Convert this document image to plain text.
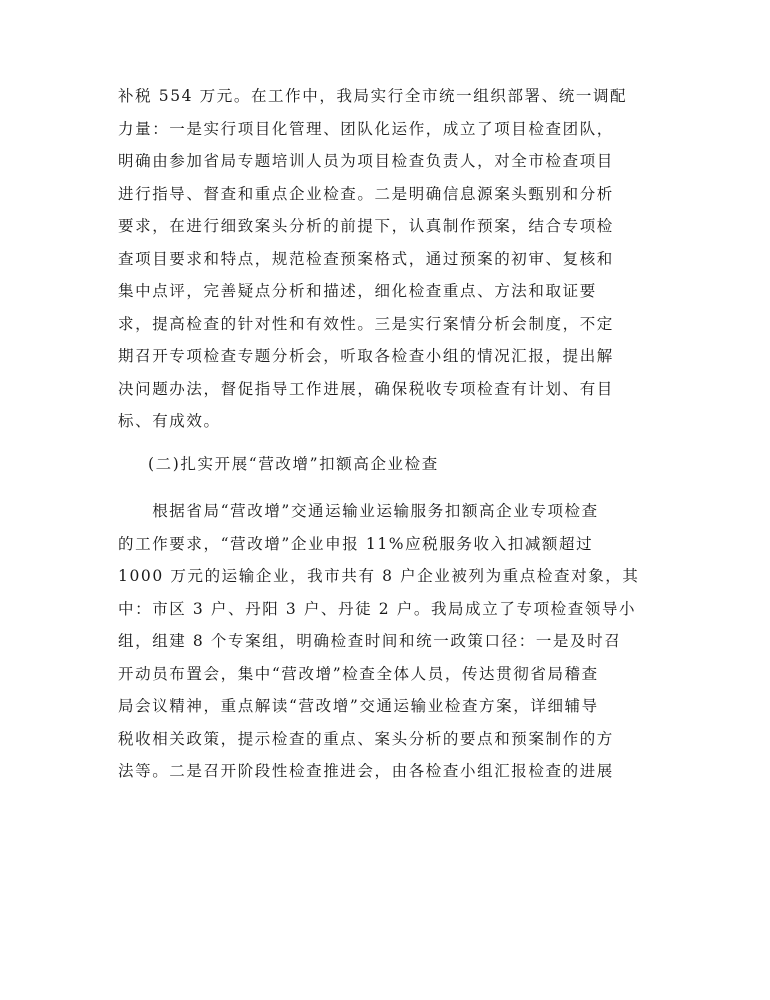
补税 554 万元。在工作中，我局实行全市统一组织部署、统一调配
力量：一是实行项目化管理、团队化运作，成立了项目检查团队，
明确由参加省局专题培训人员为项目检查负责人，对全市检查项目
进行指导、督查和重点企业检查。二是明确信息源案头甄别和分析
要求，在进行细致案头分析的前提下，认真制作预案，结合专项检
查项目要求和特点，规范检查预案格式，通过预案的初审、复核和
集中点评，完善疑点分析和描述，细化检查重点、方法和取证要
求，提高检查的针对性和有效性。三是实行案情分析会制度，不定
期召开专项检查专题分析会，听取各检查小组的情况汇报，提出解
决问题办法，督促指导工作进展，确保税收专项检查有计划、有目
标、有成效。
(二)扎实开展“营改增”扣额高企业检查
　　根据省局“营改增”交通运输业运输服务扣额高企业专项检查
的工作要求，“营改增”企业申报 11%应税服务收入扣减额超过
1000 万元的运输企业，我市共有 8 户企业被列为重点检查对象，其
中：市区 3 户、丹阳 3 户、丹徒 2 户。我局成立了专项检查领导小
组，组建 8 个专案组，明确检查时间和统一政策口径：一是及时召
开动员布置会，集中“营改增”检查全体人员，传达贯彻省局稽查
局会议精神，重点解读“营改增”交通运输业检查方案，详细辅导
税收相关政策，提示检查的重点、案头分析的要点和预案制作的方
法等。二是召开阶段性检查推进会，由各检查小组汇报检查的进展
